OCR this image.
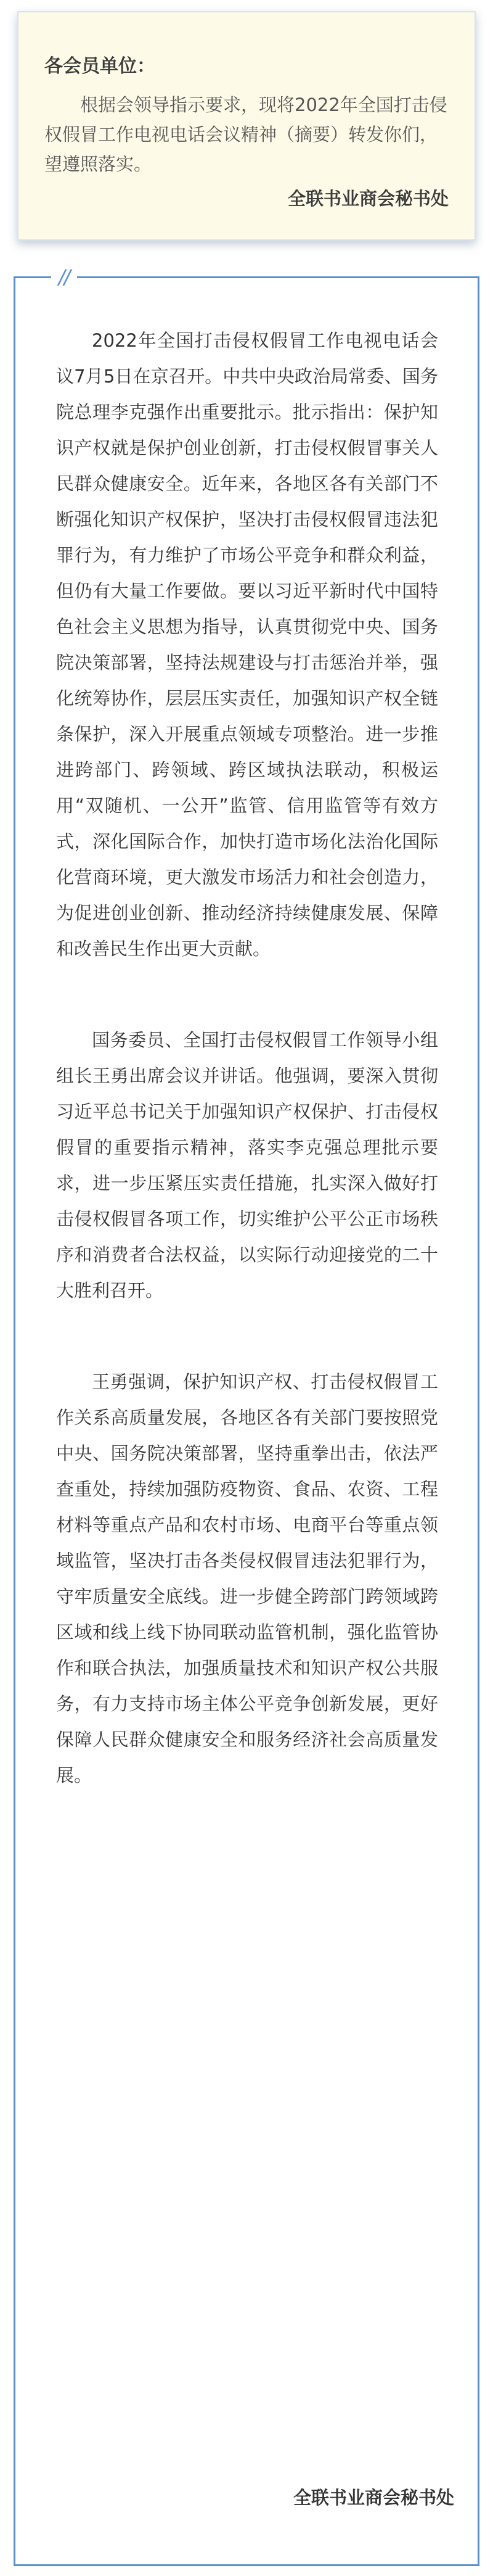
各会员单位：

根据会领导指示要求，现将2022年全国打击侵权假冒工作电视电话会议精神（摘要）转发你们，望遵照落实。

全联书业商会秘书处
//

2022年全国打击侵权假冒工作电视电话会议7月5日在京召开。中共中央政治局常委、国务院总理李克强作出重要批示。批示指出：保护知识产权就是保护创业创新，打击侵权假冒事关人民群众健康安全。近年来，各地区各有关部门不断强化知识产权保护，坚决打击侵权假冒违法犯罪行为，有力维护了市场公平竞争和群众利益，但仍有大量工作要做。要以习近平新时代中国特色社会主义思想为指导，认真贯彻党中央、国务院决策部署，坚持法规建设与打击惩治并举，强化统筹协作，层层压实责任，加强知识产权全链条保护，深入开展重点领域专项整治。进一步推进跨部门、跨领域、跨区域执法联动，积极运用“双随机、一公开”监管、信用监管等有效方式，深化国际合作，加快打造市场化法治化国际化营商环境，更大激发市场活力和社会创造力，为促进创业创新、推动经济持续健康发展、保障和改善民生作出更大贡献。

国务委员、全国打击侵权假冒工作领导小组组长王勇出席会议并讲话。他强调，要深入贯彻习近平总书记关于加强知识产权保护、打击侵权假冒的重要指示精神，落实李克强总理批示要求，进一步压紧压实责任措施，扎实深入做好打击侵权假冒各项工作，切实维护公平公正市场秩序和消费者合法权益，以实际行动迎接党的二十大胜利召开。

王勇强调，保护知识产权、打击侵权假冒工作关系高质量发展，各地区各有关部门要按照党中央、国务院决策部署，坚持重拳出击，依法严查重处，持续加强防疫物资、食品、农资、工程材料等重点产品和农村市场、电商平台等重点领域监管，坚决打击各类侵权假冒违法犯罪行为，守牢质量安全底线。进一步健全跨部门跨领域跨区域和线上线下协同联动监管机制，强化监管协作和联合执法，加强质量技术和知识产权公共服务，有力支持市场主体公平竞争创新发展，更好保障人民群众健康安全和服务经济社会高质量发展。

全联书业商会秘书处
